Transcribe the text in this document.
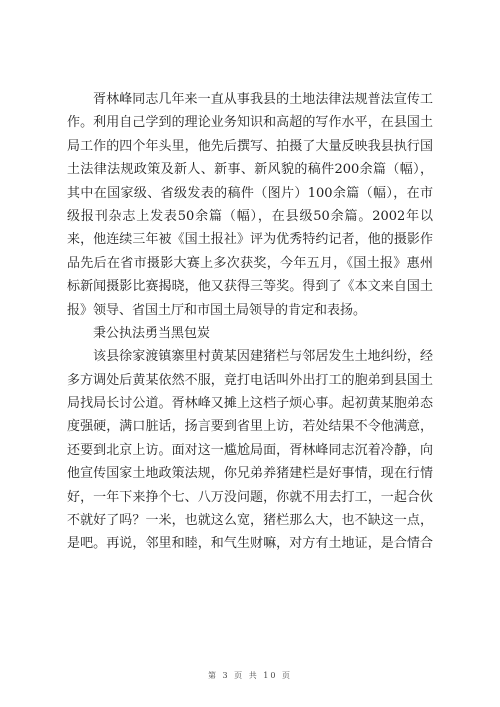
胥林峰同志几年来一直从事我县的土地法律法规普法宣传工
作。利用自己学到的理论业务知识和高超的写作水平，在县国土
局工作的四个年头里，他先后撰写、拍摄了大量反映我县执行国
土法律法规政策及新人、新事、新风貌的稿件200余篇（幅），
其中在国家级、省级发表的稿件（图片）100余篇（幅），在市
级报刊杂志上发表50余篇（幅），在县级50余篇。2002年以
来，他连续三年被《国土报社》评为优秀特约记者，他的摄影作
品先后在省市摄影大赛上多次获奖，今年五月，《国土报》惠州
标新闻摄影比赛揭晓，他又获得三等奖。得到了《本文来自国土
报》领导、省国土厅和市国土局领导的肯定和表扬。
秉公执法勇当黑包炭
该县徐家渡镇寨里村黄某因建猪栏与邻居发生土地纠纷，经
多方调处后黄某依然不服，竟打电话叫外出打工的胞弟到县国土
局找局长讨公道。胥林峰又摊上这档子烦心事。起初黄某胞弟态
度强硬，满口脏话，扬言要到省里上访，若处结果不令他满意，
还要到北京上访。面对这一尴尬局面，胥林峰同志沉着冷静，向
他宣传国家土地政策法规，你兄弟养猪建栏是好事情，现在行情
好，一年下来挣个七、八万没问题，你就不用去打工，一起合伙
不就好了吗？一米，也就这么宽，猪栏那么大，也不缺这一点，
是吧。再说，邻里和睦，和气生财嘛，对方有土地证，是合情合
第 3 页 共 10 页
